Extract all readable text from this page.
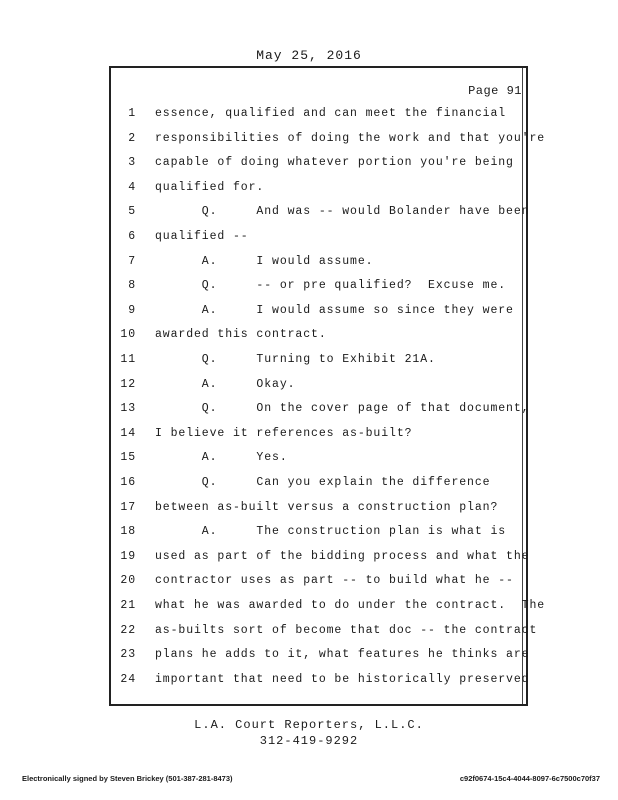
May 25, 2016
Page 91
1 essence, qualified and can meet the financial
2 responsibilities of doing the work and that you're
3 capable of doing whatever portion you're being
4 qualified for.
5 Q.     And was -- would Bolander have been
6 qualified --
7 A.     I would assume.
8 Q.     -- or pre qualified?  Excuse me.
9 A.     I would assume so since they were
10 awarded this contract.
11 Q.     Turning to Exhibit 21A.
12 A.     Okay.
13 Q.     On the cover page of that document,
14 I believe it references as-built?
15 A.     Yes.
16 Q.     Can you explain the difference
17 between as-built versus a construction plan?
18 A.     The construction plan is what is
19 used as part of the bidding process and what the
20 contractor uses as part -- to build what he --
21 what he was awarded to do under the contract.  The
22 as-builts sort of become that doc -- the contract
23 plans he adds to it, what features he thinks are
24 important that need to be historically preserved
L.A. Court Reporters, L.L.C.
312-419-9292
Electronically signed by Steven Brickey (501-387-281-8473)	c92f0674-15c4-4044-8097-6c7500c70f37
